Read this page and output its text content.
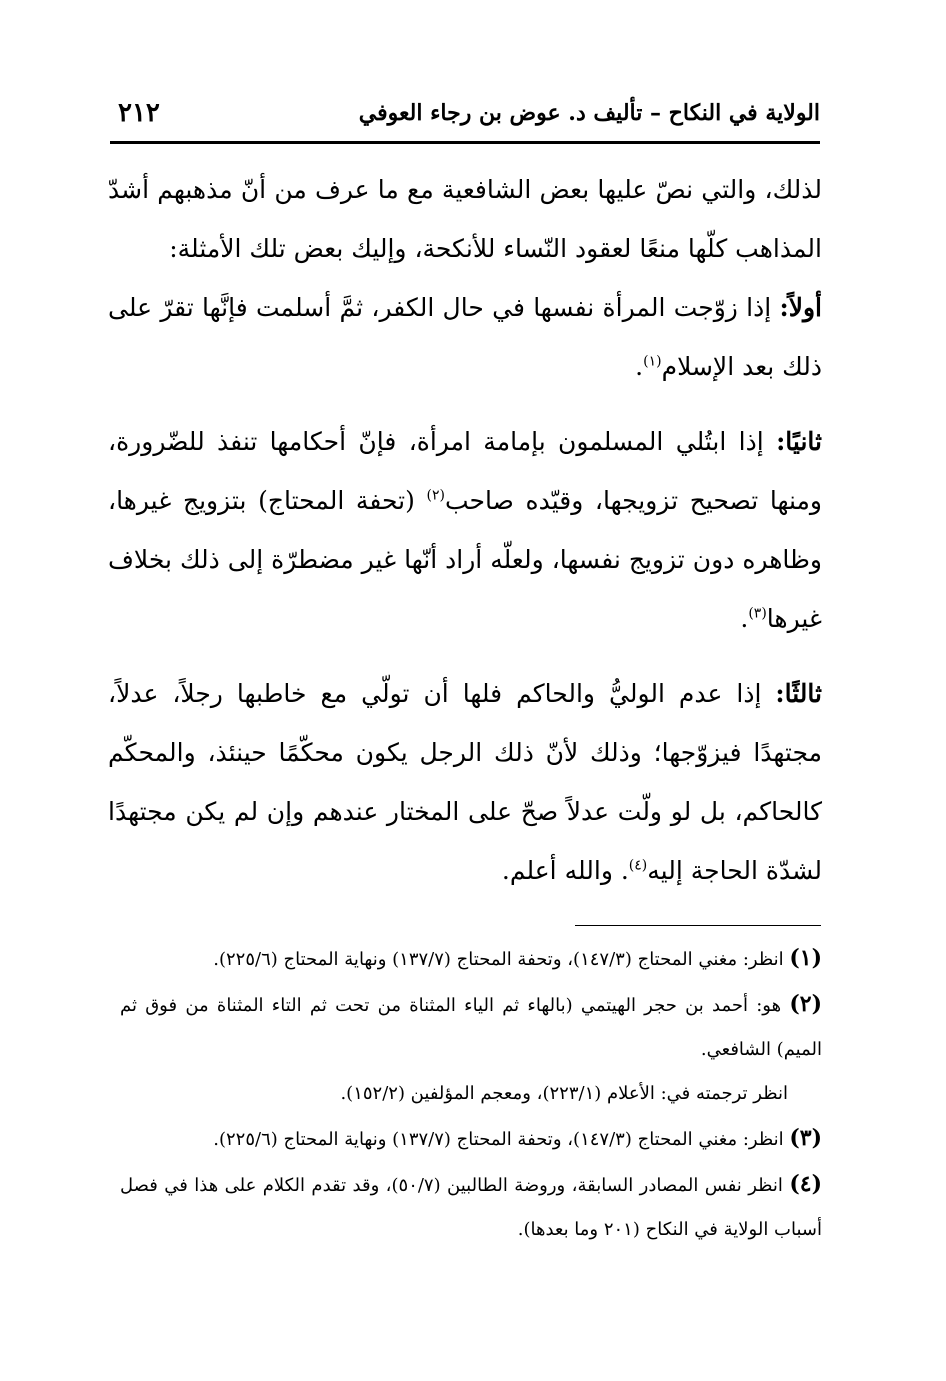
الولاية في النكاح – تأليف د. عوض بن رجاء العوفي
٢١٢

لذلك، والتي نصّ عليها بعض الشافعية مع ما عرف من أنّ مذهبهم أشدّ المذاهب كلّها منعًا لعقود النّساء للأنكحة، وإليك بعض تلك الأمثلة:

أولاً: إذا زوّجت المرأة نفسها في حال الكفر، ثمَّ أسلمت فإنَّها تقرّ على ذلك بعد الإسلام$^{(١)}$.

ثانيًا: إذا ابتُلي المسلمون بإمامة امرأة، فإنّ أحكامها تنفذ للضّرورة، ومنها تصحيح تزويجها، وقيّده صاحب$^{(٢)}$ (تحفة المحتاج) بتزويج غيرها، وظاهره دون تزويج نفسها، ولعلّه أراد أنّها غير مضطرّة إلى ذلك بخلاف غيرها$^{(٣)}$.

ثالثًا: إذا عدم الوليُّ والحاكم فلها أن تولّي مع خاطبها رجلاً، عدلاً، مجتهدًا فيزوّجها؛ وذلك لأنّ ذلك الرجل يكون محكّمًا حينئذ، والمحكّم كالحاكم، بل لو ولّت عدلاً صحّ على المختار عندهم وإن لم يكن مجتهدًا لشدّة الحاجة إليه$^{(٤)}$. والله أعلم.

(١) انظر: مغني المحتاج (١٤٧/٣)، وتحفة المحتاج (١٣٧/٧) ونهاية المحتاج (٢٢٥/٦).

(٢) هو: أحمد بن حجر الهيتمي (بالهاء ثم الياء المثناة من تحت ثم التاء المثناة من فوق ثم الميم) الشافعي.

انظر ترجمته في: الأعلام (٢٢٣/١)، ومعجم المؤلفين (١٥٢/٢).

(٣) انظر: مغني المحتاج (١٤٧/٣)، وتحفة المحتاج (١٣٧/٧) ونهاية المحتاج (٢٢٥/٦).

(٤) انظر نفس المصادر السابقة، وروضة الطالبين (٥٠/٧)، وقد تقدم الكلام على هذا في فصل أسباب الولاية في النكاح (٢٠١ وما بعدها).
